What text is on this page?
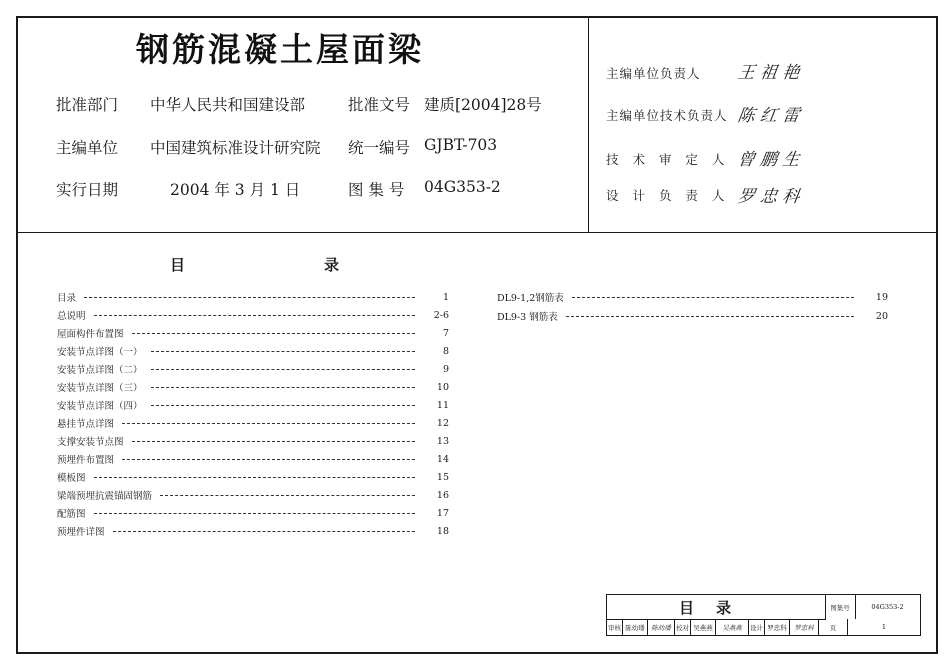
钢筋混凝土屋面梁
批准部门 中华人民共和国建设部	批准文号 建质[2004]28号
主编单位 中国建筑标准设计研究院 统一编号 GJBT-703
实行日期	2004 年 3 月 1 日	图 集 号 04G353-2
主编单位负责人 王 祖 艳
主编单位技术负责人 陈 红 雷
技 术 审 定 人 曾 鹏 生
设 计 负 责 人 罗 忠 科
目	录
目录	1
总说明	2-6
屋面构件布置图	7
安装节点详图（一）	8
安装节点详图（二）	9
安装节点详图（三）	10
安装节点详图（四）	11
悬挂节点详图	12
支撑安装节点图	13
预埋件布置图	14
模板图	15
梁端预埋抗震锚固钢筋	16
配筋图	17
预埋件详图	18
DL9-1,2钢筋表	19
DL9-3 钢筋表	20
目录	图集号	04G353-2
审核 陈幼璠	陈幼璠 校对 吴燕燕	吴燕燕	设计 罗忠科	罗忠科	页	1
